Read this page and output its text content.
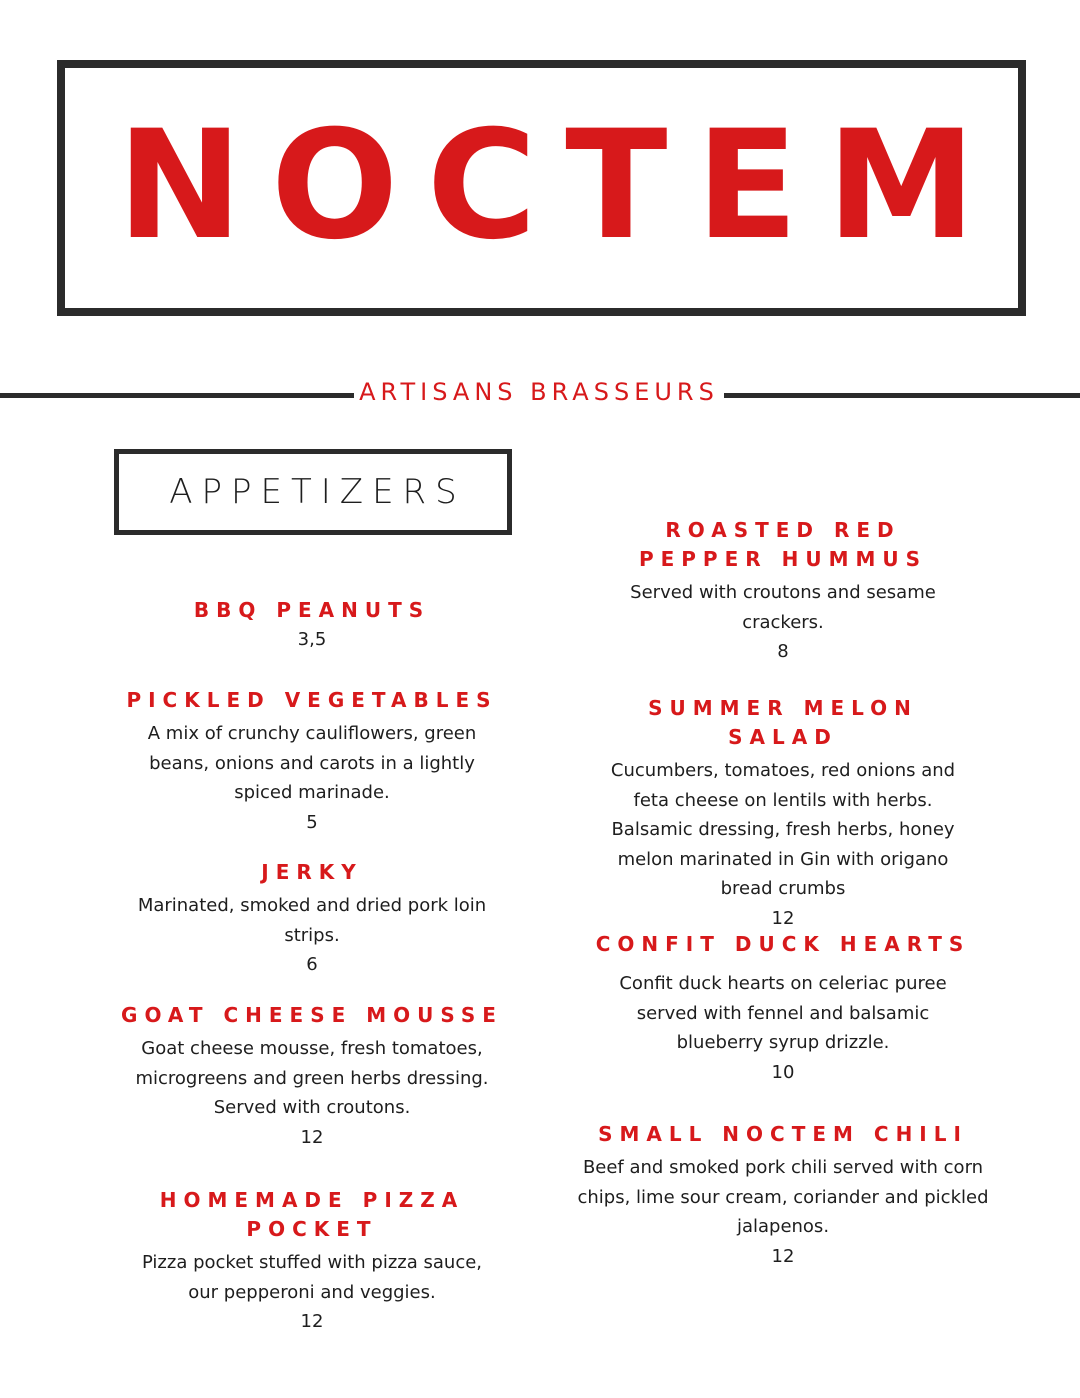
N O C T E M
ARTISANS BRASSEURS
APPETIZERS
BBQ PEANUTS
3,5
PICKLED VEGETABLES
A mix of crunchy cauliflowers, green beans, onions and carots in a lightly spiced marinade.
5
JERKY
Marinated, smoked and dried pork loin strips.
6
GOAT CHEESE MOUSSE
Goat cheese mousse, fresh tomatoes, microgreens and green herbs dressing. Served with croutons.
12
HOMEMADE PIZZA POCKET
Pizza pocket stuffed with pizza sauce, our pepperoni and veggies.
12
ROASTED RED PEPPER HUMMUS
Served with croutons and sesame crackers.
8
SUMMER MELON SALAD
Cucumbers, tomatoes, red onions and feta cheese on lentils with herbs. Balsamic dressing, fresh herbs, honey melon marinated in Gin with origano bread crumbs
12
CONFIT DUCK HEARTS
Confit duck hearts on celeriac puree served with fennel and balsamic blueberry syrup drizzle.
10
SMALL NOCTEM CHILI
Beef and smoked pork chili served with corn chips, lime sour cream, coriander and pickled jalapenos.
12
